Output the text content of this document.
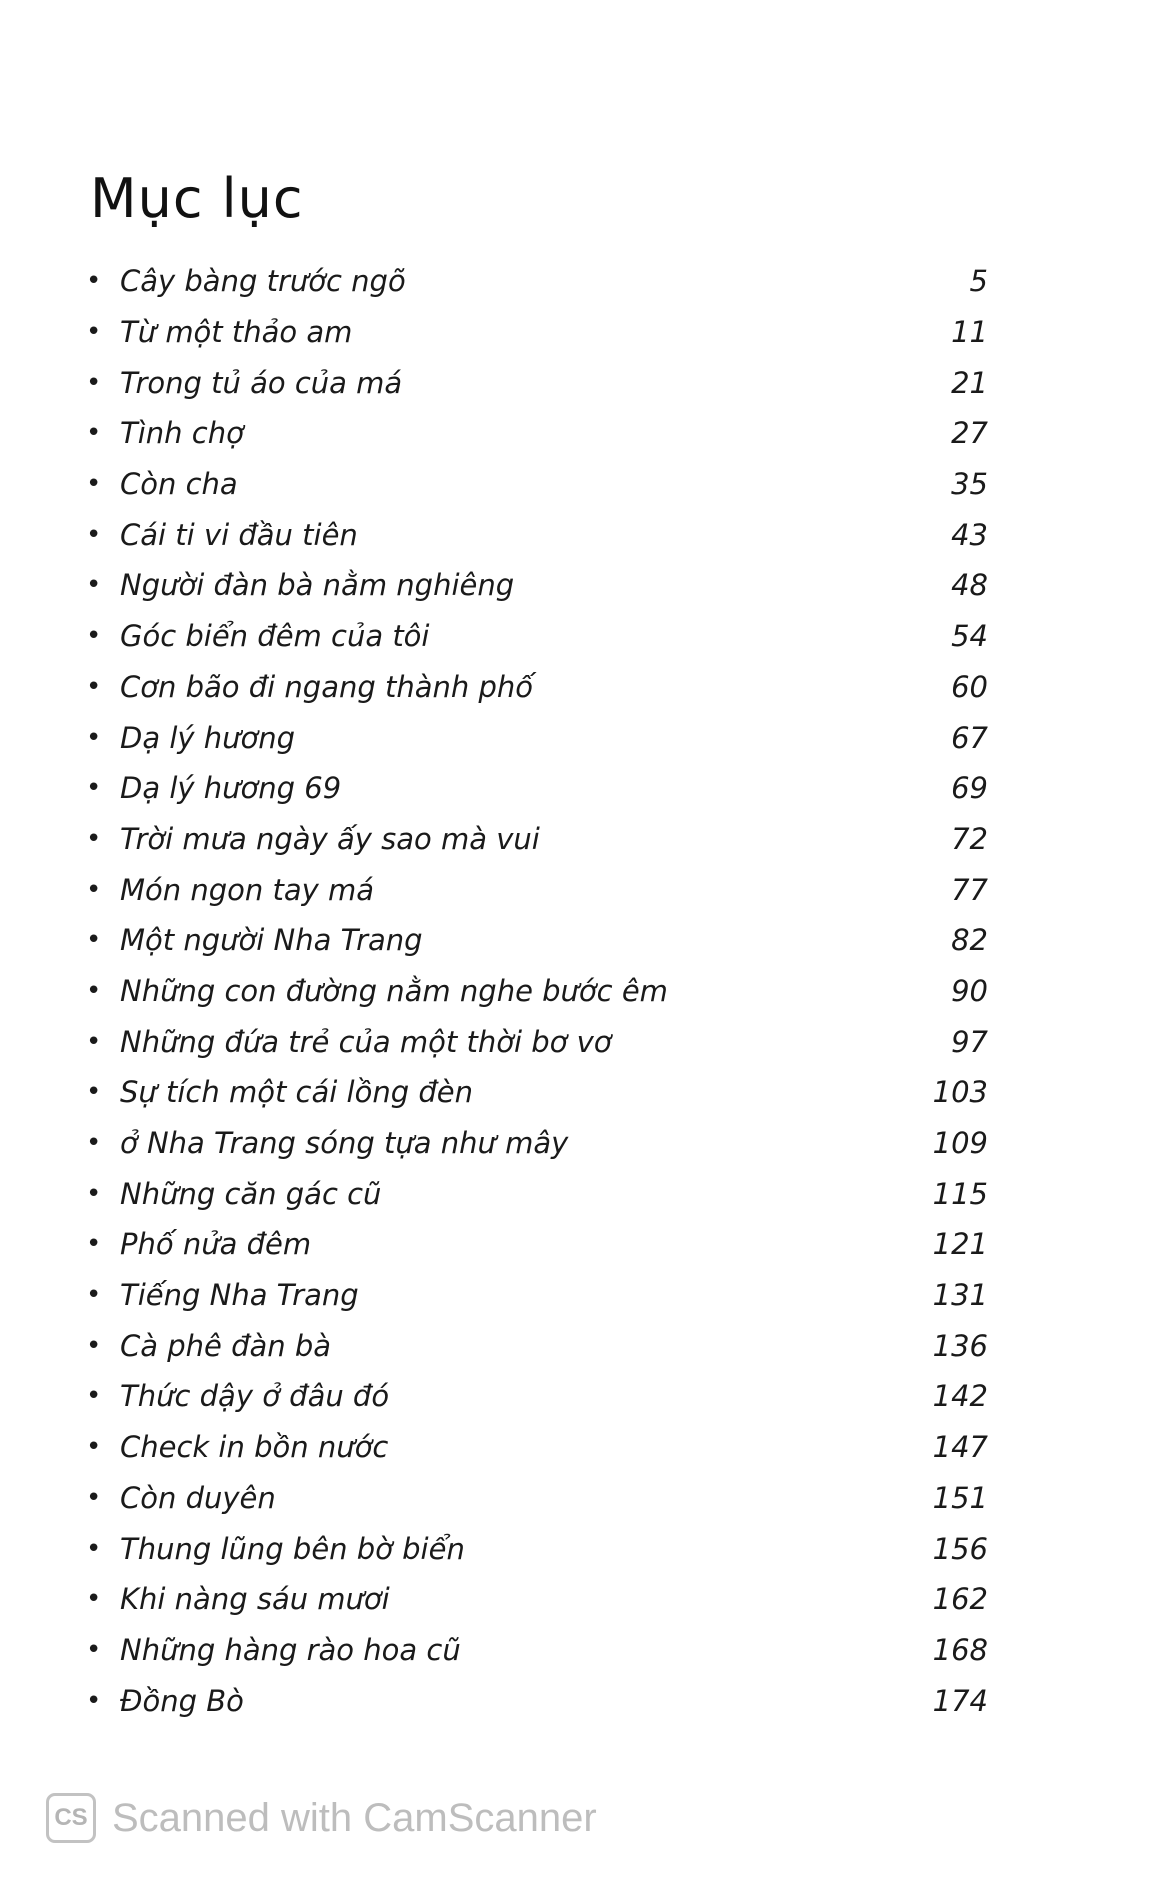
Mục lục
• Cây bàng trước ngõ	5
• Từ một thảo am	11
• Trong tủ áo của má	21
• Tình chợ	27
• Còn cha	35
• Cái ti vi đầu tiên	43
• Người đàn bà nằm nghiêng	48
• Góc biển đêm của tôi	54
• Cơn bão đi ngang thành phố	60
• Dạ lý hương	67
• Dạ lý hương 69	69
• Trời mưa ngày ấy sao mà vui	72
• Món ngon tay má	77
• Một người Nha Trang	82
• Những con đường nằm nghe bước êm	90
• Những đứa trẻ của một thời bơ vơ	97
• Sự tích một cái lồng đèn	103
• ở Nha Trang sóng tựa như mây	109
• Những căn gác cũ	115
• Phố nửa đêm	121
• Tiếng Nha Trang	131
• Cà phê đàn bà	136
• Thức dậy ở đâu đó	142
• Check in bồn nước	147
• Còn duyên	151
• Thung lũng bên bờ biển	156
• Khi nàng sáu mươi	162
• Những hàng rào hoa cũ	168
• Đồng Bò	174
CS Scanned with CamScanner
